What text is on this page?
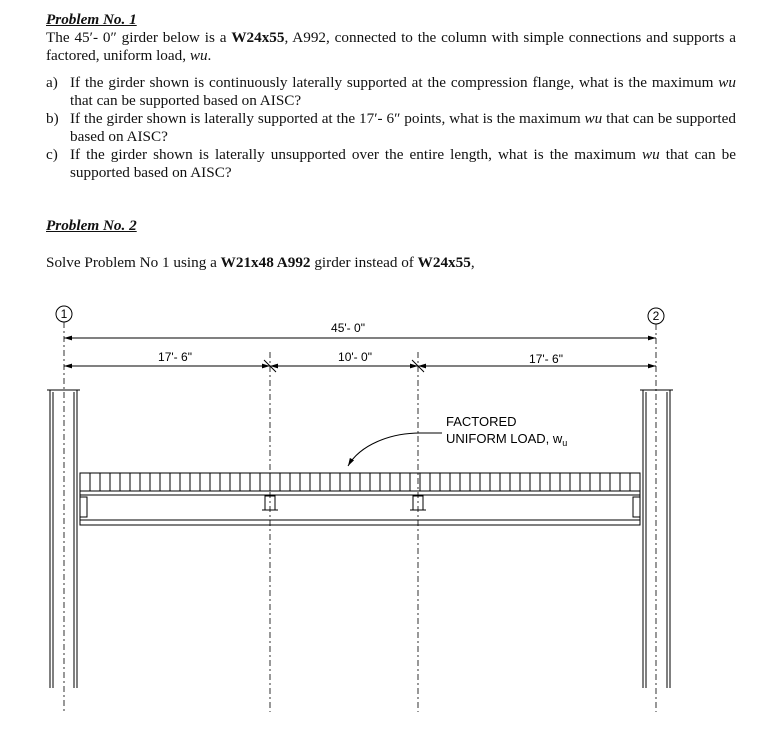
Problem No. 1
The 45′- 0″ girder below is a W24x55, A992, connected to the column with simple connections and supports a factored, uniform load, wu.
a) If the girder shown is continuously laterally supported at the compression flange, what is the maximum wu that can be supported based on AISC?
b) If the girder shown is laterally supported at the 17′- 6″ points, what is the maximum wu that can be supported based on AISC?
c) If the girder shown is laterally unsupported over the entire length, what is the maximum wu that can be supported based on AISC?
Problem No. 2
Solve Problem No 1 using a W21x48 A992 girder instead of W24x55,
1	2
45'- 0"
17'- 6"	10'- 0"	17'- 6"
FACTORED
UNIFORM LOAD, $w_u$
